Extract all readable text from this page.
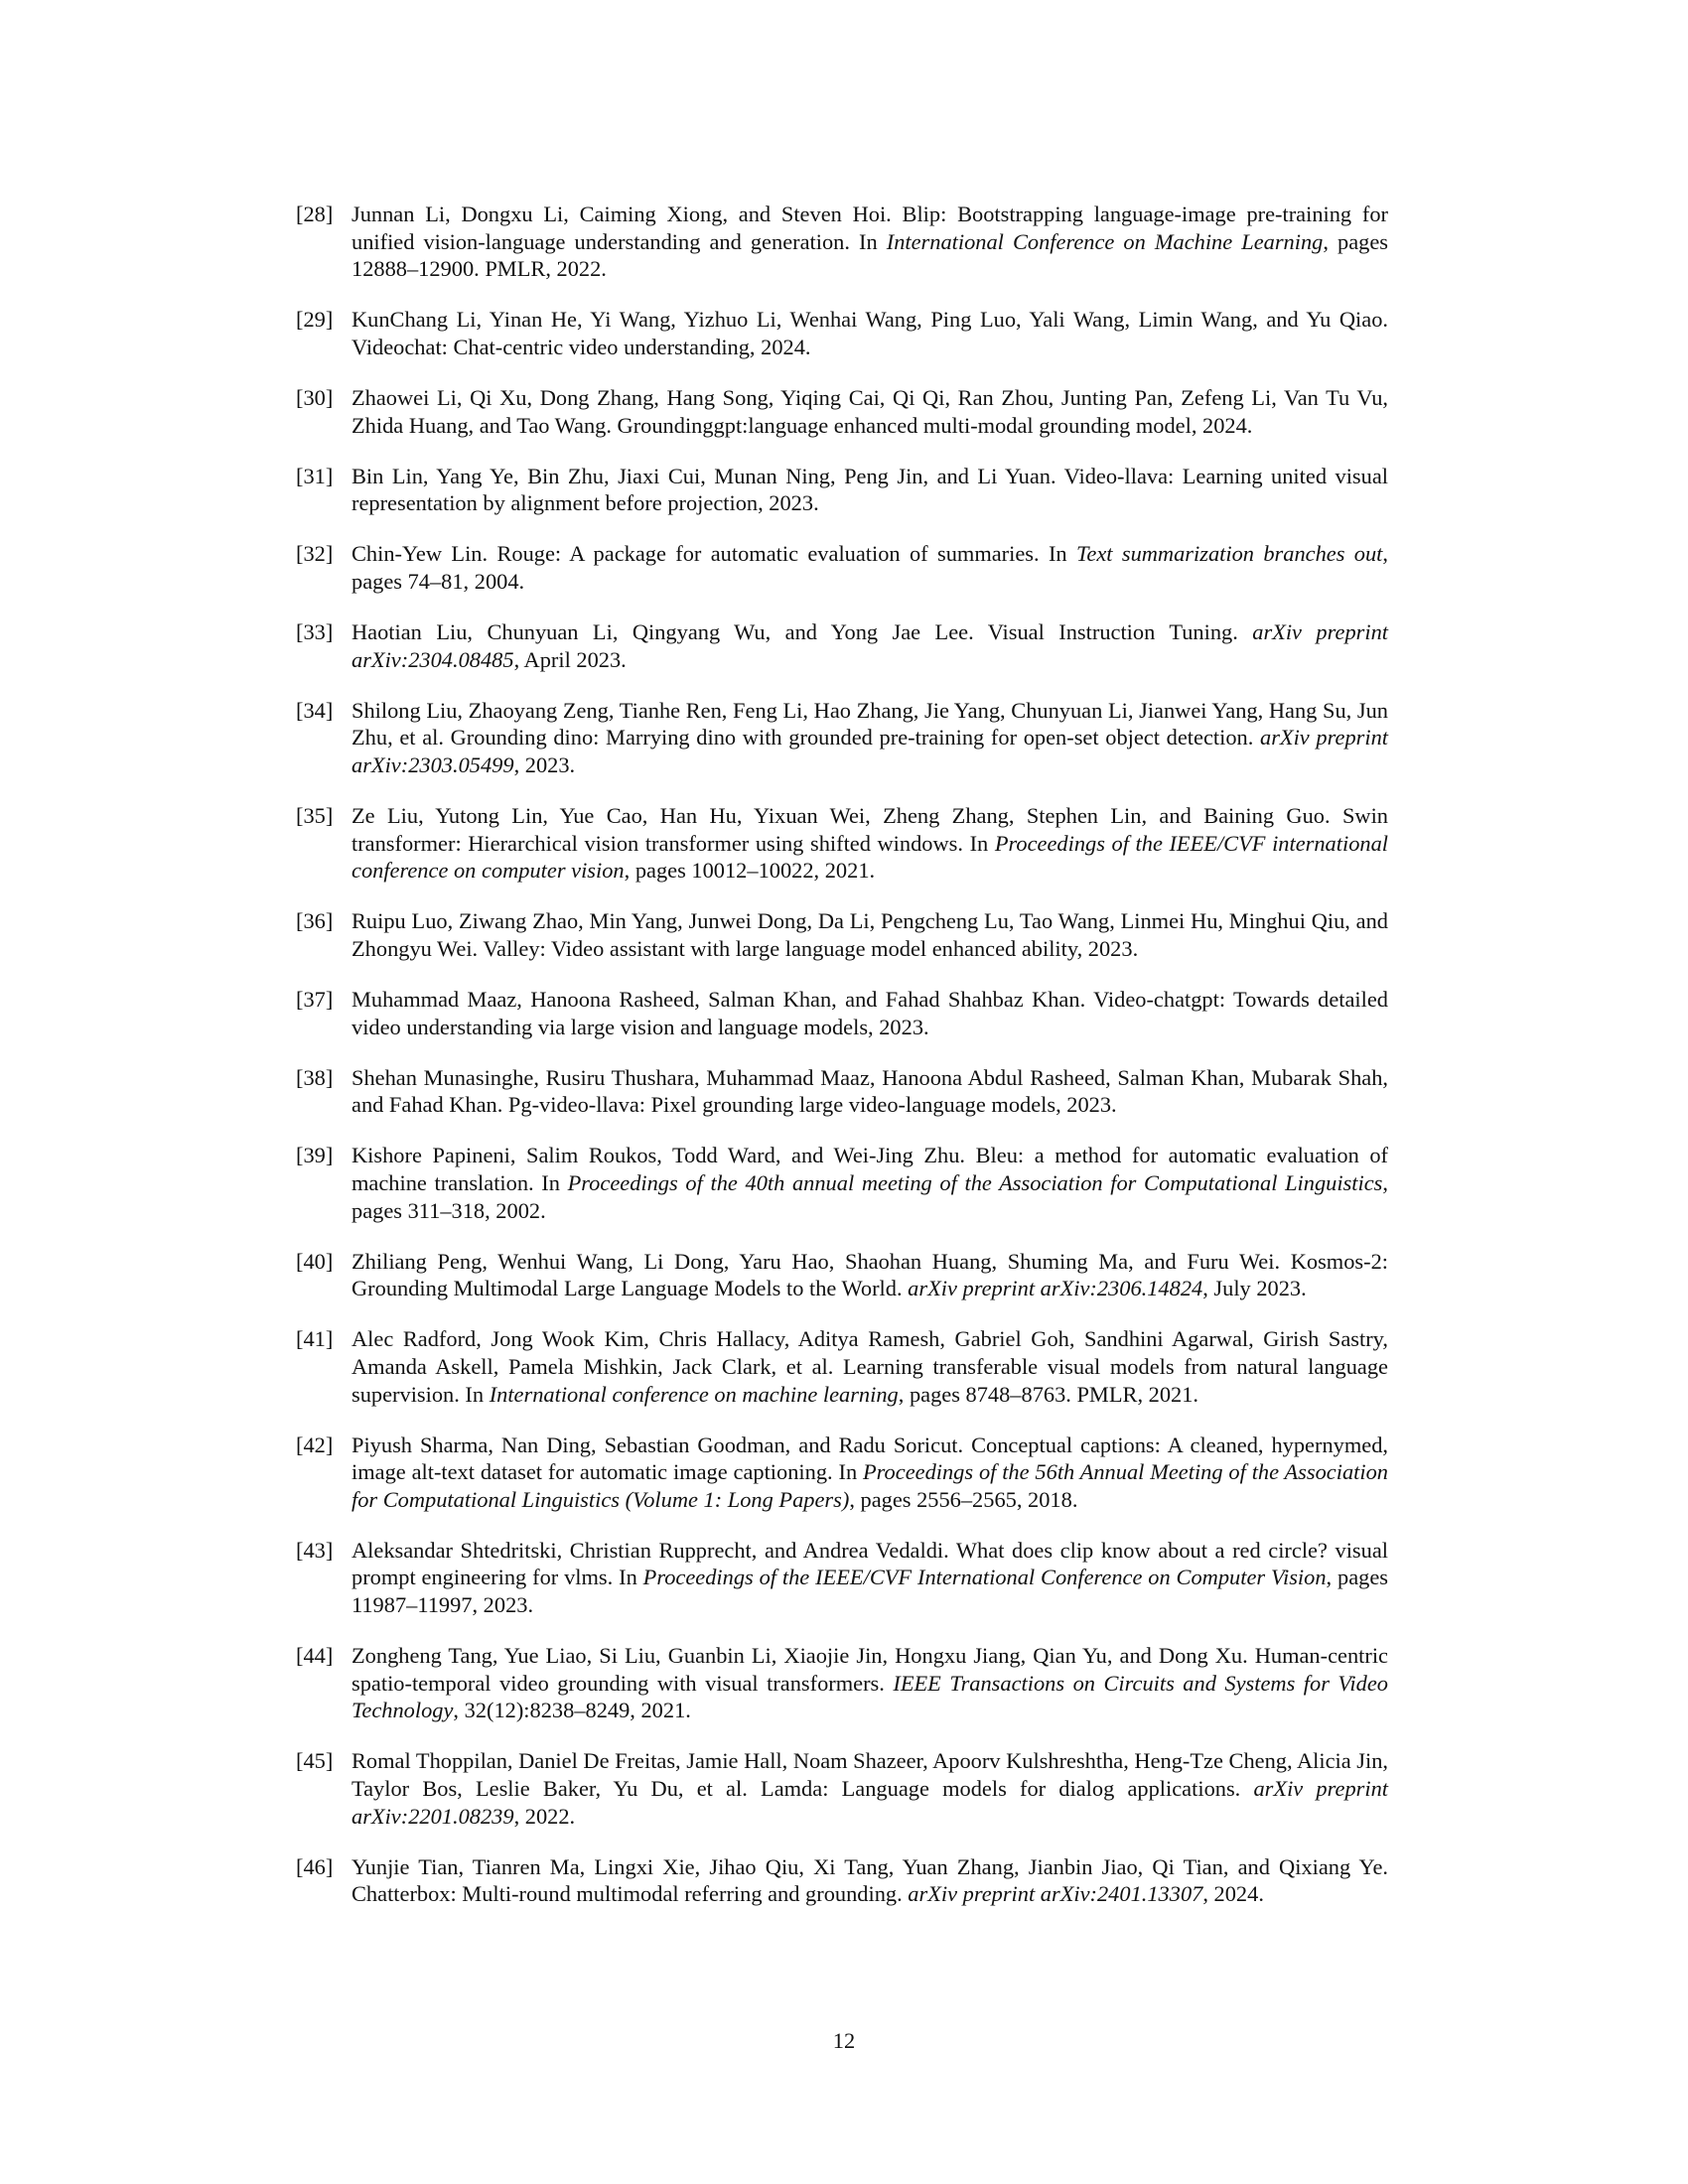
[28] Junnan Li, Dongxu Li, Caiming Xiong, and Steven Hoi. Blip: Bootstrapping language-image pre-training for unified vision-language understanding and generation. In International Conference on Machine Learning, pages 12888–12900. PMLR, 2022.
[29] KunChang Li, Yinan He, Yi Wang, Yizhuo Li, Wenhai Wang, Ping Luo, Yali Wang, Limin Wang, and Yu Qiao. Videochat: Chat-centric video understanding, 2024.
[30] Zhaowei Li, Qi Xu, Dong Zhang, Hang Song, Yiqing Cai, Qi Qi, Ran Zhou, Junting Pan, Zefeng Li, Van Tu Vu, Zhida Huang, and Tao Wang. Groundinggpt:language enhanced multi-modal grounding model, 2024.
[31] Bin Lin, Yang Ye, Bin Zhu, Jiaxi Cui, Munan Ning, Peng Jin, and Li Yuan. Video-llava: Learning united visual representation by alignment before projection, 2023.
[32] Chin-Yew Lin. Rouge: A package for automatic evaluation of summaries. In Text summarization branches out, pages 74–81, 2004.
[33] Haotian Liu, Chunyuan Li, Qingyang Wu, and Yong Jae Lee. Visual Instruction Tuning. arXiv preprint arXiv:2304.08485, April 2023.
[34] Shilong Liu, Zhaoyang Zeng, Tianhe Ren, Feng Li, Hao Zhang, Jie Yang, Chunyuan Li, Jianwei Yang, Hang Su, Jun Zhu, et al. Grounding dino: Marrying dino with grounded pre-training for open-set object detection. arXiv preprint arXiv:2303.05499, 2023.
[35] Ze Liu, Yutong Lin, Yue Cao, Han Hu, Yixuan Wei, Zheng Zhang, Stephen Lin, and Baining Guo. Swin transformer: Hierarchical vision transformer using shifted windows. In Proceedings of the IEEE/CVF international conference on computer vision, pages 10012–10022, 2021.
[36] Ruipu Luo, Ziwang Zhao, Min Yang, Junwei Dong, Da Li, Pengcheng Lu, Tao Wang, Linmei Hu, Minghui Qiu, and Zhongyu Wei. Valley: Video assistant with large language model enhanced ability, 2023.
[37] Muhammad Maaz, Hanoona Rasheed, Salman Khan, and Fahad Shahbaz Khan. Video-chatgpt: Towards detailed video understanding via large vision and language models, 2023.
[38] Shehan Munasinghe, Rusiru Thushara, Muhammad Maaz, Hanoona Abdul Rasheed, Salman Khan, Mubarak Shah, and Fahad Khan. Pg-video-llava: Pixel grounding large video-language models, 2023.
[39] Kishore Papineni, Salim Roukos, Todd Ward, and Wei-Jing Zhu. Bleu: a method for automatic evaluation of machine translation. In Proceedings of the 40th annual meeting of the Association for Computational Linguistics, pages 311–318, 2002.
[40] Zhiliang Peng, Wenhui Wang, Li Dong, Yaru Hao, Shaohan Huang, Shuming Ma, and Furu Wei. Kosmos-2: Grounding Multimodal Large Language Models to the World. arXiv preprint arXiv:2306.14824, July 2023.
[41] Alec Radford, Jong Wook Kim, Chris Hallacy, Aditya Ramesh, Gabriel Goh, Sandhini Agarwal, Girish Sastry, Amanda Askell, Pamela Mishkin, Jack Clark, et al. Learning transferable visual models from natural language supervision. In International conference on machine learning, pages 8748–8763. PMLR, 2021.
[42] Piyush Sharma, Nan Ding, Sebastian Goodman, and Radu Soricut. Conceptual captions: A cleaned, hypernymed, image alt-text dataset for automatic image captioning. In Proceedings of the 56th Annual Meeting of the Association for Computational Linguistics (Volume 1: Long Papers), pages 2556–2565, 2018.
[43] Aleksandar Shtedritski, Christian Rupprecht, and Andrea Vedaldi. What does clip know about a red circle? visual prompt engineering for vlms. In Proceedings of the IEEE/CVF International Conference on Computer Vision, pages 11987–11997, 2023.
[44] Zongheng Tang, Yue Liao, Si Liu, Guanbin Li, Xiaojie Jin, Hongxu Jiang, Qian Yu, and Dong Xu. Human-centric spatio-temporal video grounding with visual transformers. IEEE Transactions on Circuits and Systems for Video Technology, 32(12):8238–8249, 2021.
[45] Romal Thoppilan, Daniel De Freitas, Jamie Hall, Noam Shazeer, Apoorv Kulshreshtha, Heng-Tze Cheng, Alicia Jin, Taylor Bos, Leslie Baker, Yu Du, et al. Lamda: Language models for dialog applications. arXiv preprint arXiv:2201.08239, 2022.
[46] Yunjie Tian, Tianren Ma, Lingxi Xie, Jihao Qiu, Xi Tang, Yuan Zhang, Jianbin Jiao, Qi Tian, and Qixiang Ye. Chatterbox: Multi-round multimodal referring and grounding. arXiv preprint arXiv:2401.13307, 2024.
12
